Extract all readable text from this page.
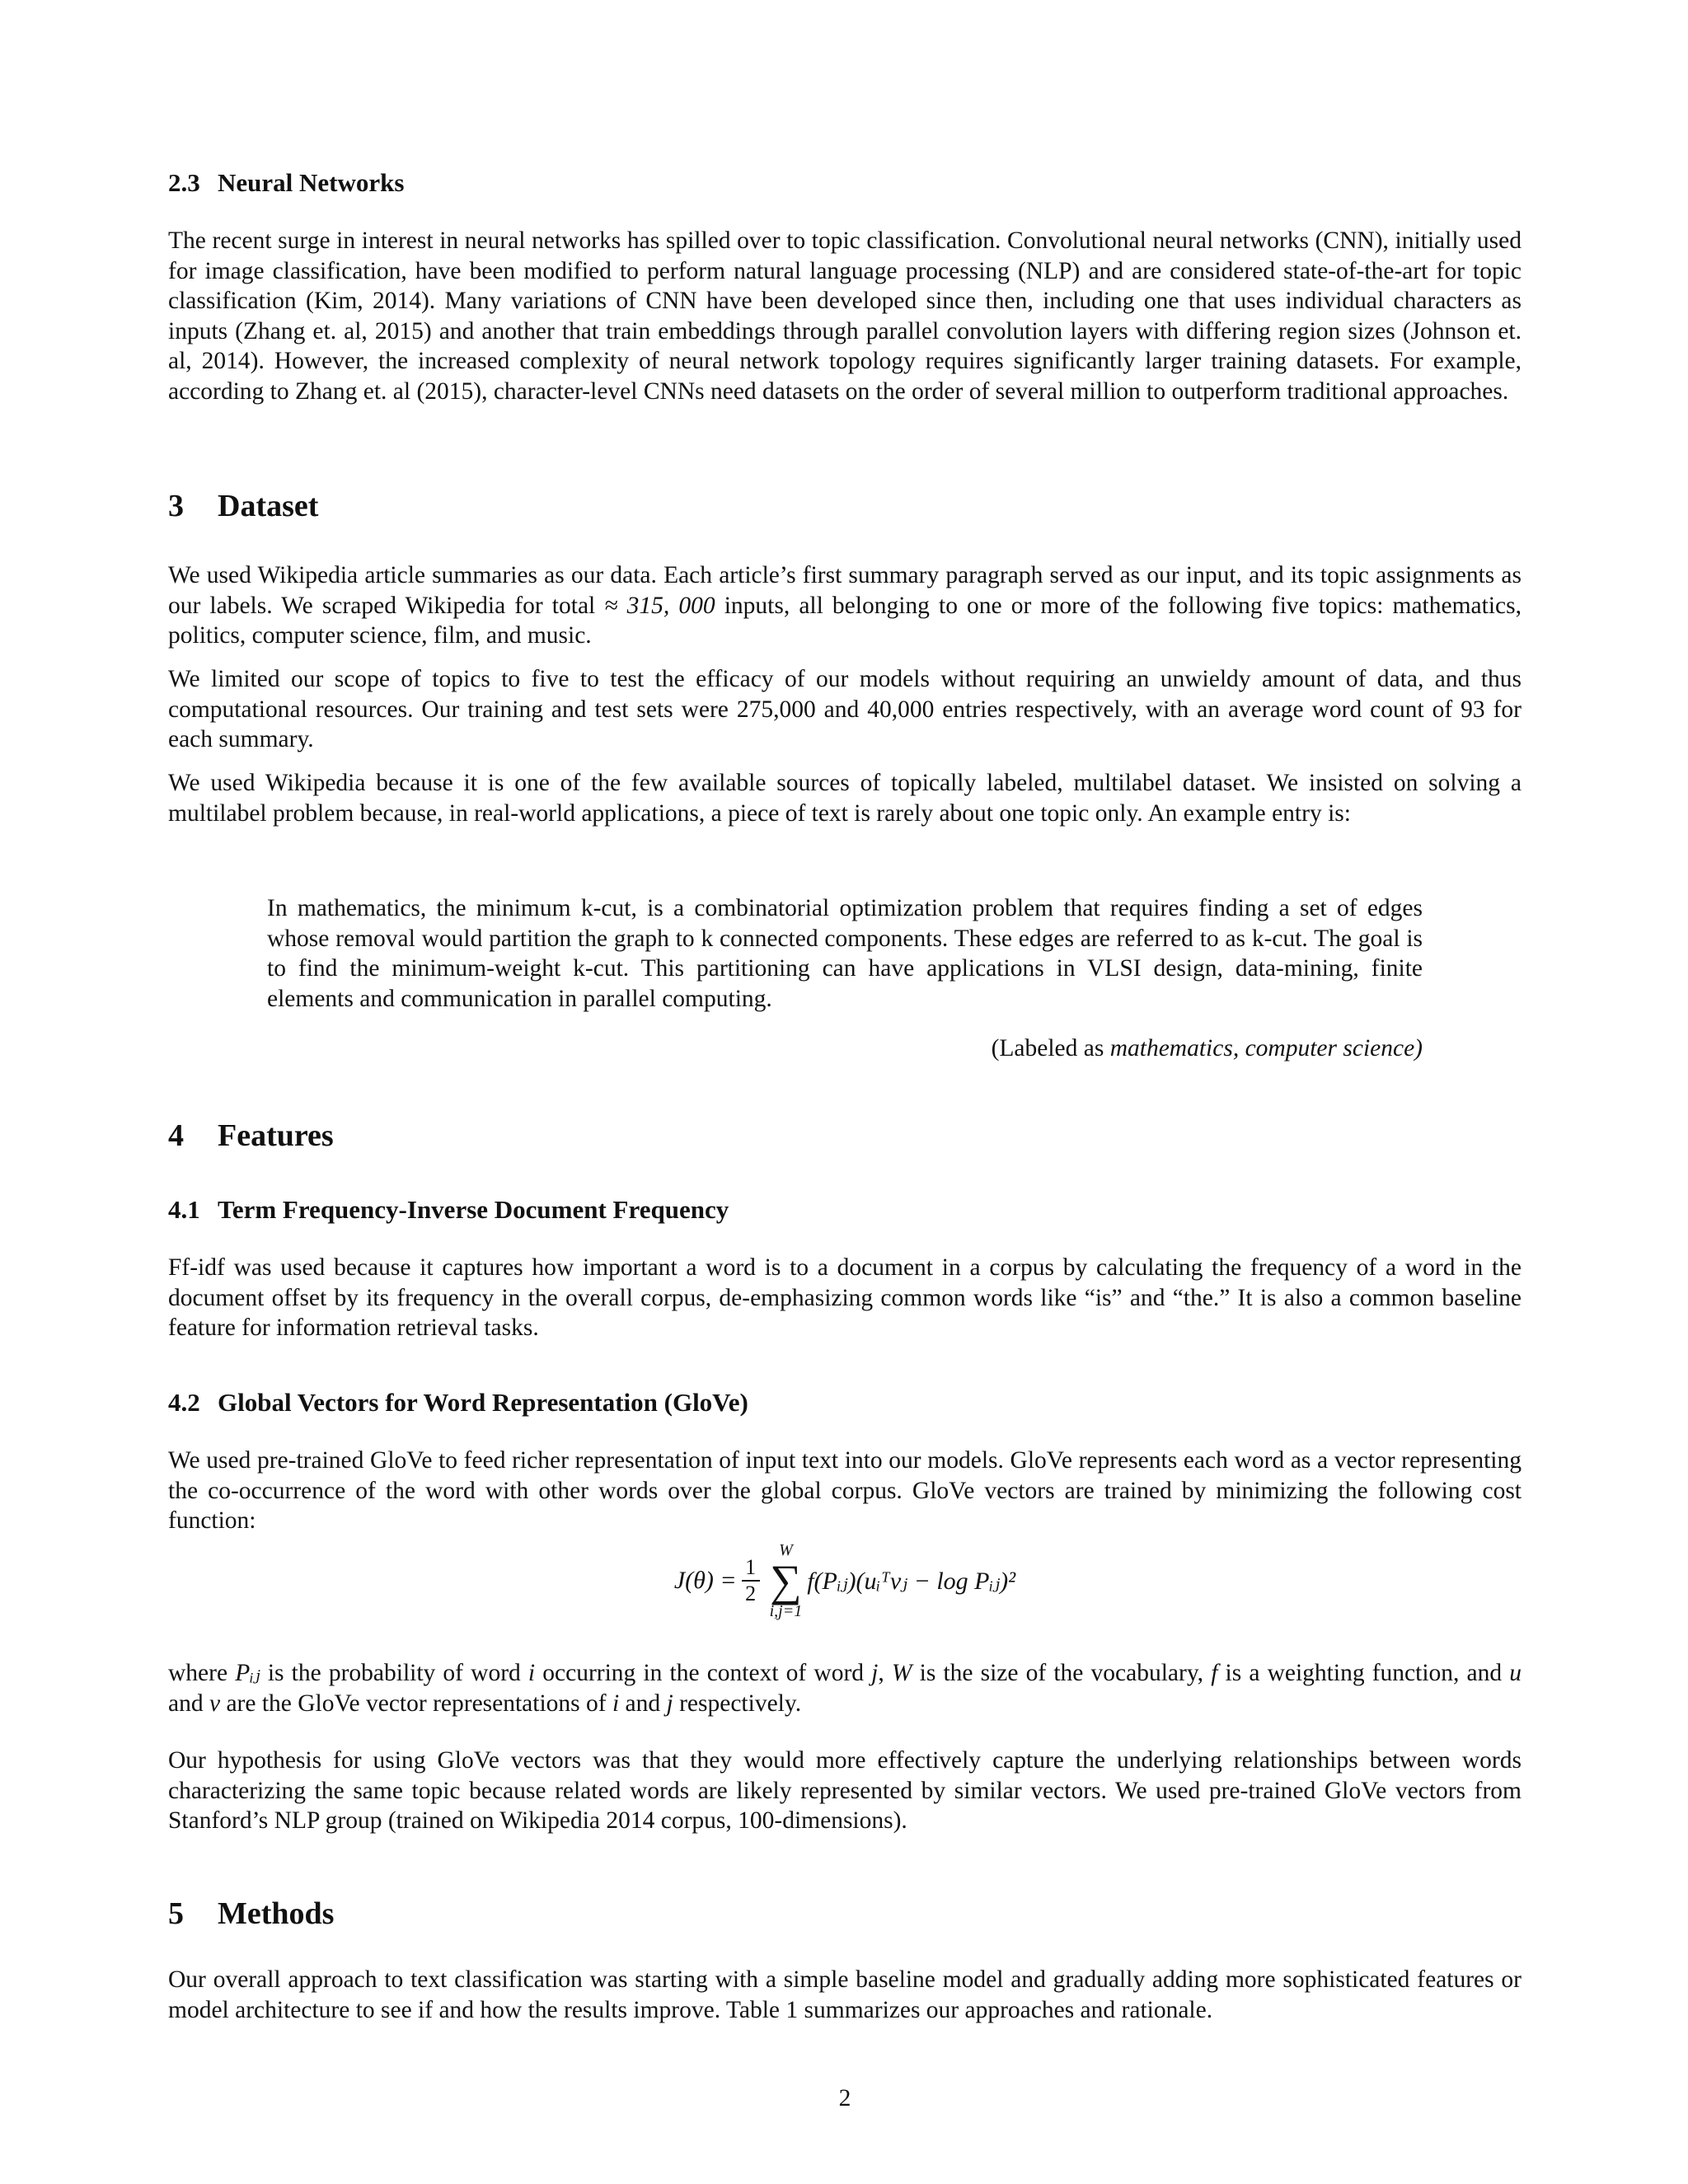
2.3 Neural Networks

The recent surge in interest in neural networks has spilled over to topic classification. Convolutional neural networks (CNN), initially used for image classification, have been modified to perform natural language processing (NLP) and are considered state-of-the-art for topic classification (Kim, 2014). Many variations of CNN have been developed since then, including one that uses individual characters as inputs (Zhang et. al, 2015) and another that train embeddings through parallel convolution layers with differing region sizes (Johnson et. al, 2014). However, the increased complexity of neural network topology requires significantly larger training datasets. For example, according to Zhang et. al (2015), character-level CNNs need datasets on the order of several million to outperform traditional approaches.

3 Dataset

We used Wikipedia article summaries as our data. Each article’s first summary paragraph served as our input, and its topic assignments as our labels. We scraped Wikipedia for total ≈ 315, 000 inputs, all belonging to one or more of the following five topics: mathematics, politics, computer science, film, and music.

We limited our scope of topics to five to test the efficacy of our models without requiring an unwieldy amount of data, and thus computational resources. Our training and test sets were 275,000 and 40,000 entries respectively, with an average word count of 93 for each summary.

We used Wikipedia because it is one of the few available sources of topically labeled, multilabel dataset. We insisted on solving a multilabel problem because, in real-world applications, a piece of text is rarely about one topic only. An example entry is:

In mathematics, the minimum k-cut, is a combinatorial optimization problem that requires finding a set of edges whose removal would partition the graph to k connected components. These edges are referred to as k-cut. The goal is to find the minimum-weight k-cut. This partitioning can have applications in VLSI design, data-mining, finite elements and communication in parallel computing.

(Labeled as mathematics, computer science)
4 Features
4.1 Term Frequency-Inverse Document Frequency

Ff-idf was used because it captures how important a word is to a document in a corpus by calculating the frequency of a word in the document offset by its frequency in the overall corpus, de-emphasizing common words like “is” and “the.” It is also a common baseline feature for information retrieval tasks.

4.2 Global Vectors for Word Representation (GloVe)

We used pre-trained GloVe to feed richer representation of input text into our models. GloVe represents each word as a vector representing the co-occurrence of the word with other words over the global corpus. GloVe vectors are trained by minimizing the following cost function:

$J(\theta) = \frac{1}{2}$
W
∑
i,j=1
f(Pᵢⱼ)(uᵢᵀvⱼ − log Pᵢⱼ)²

where Pᵢⱼ is the probability of word i occurring in the context of word j, W is the size of the vocabulary, f is a weighting function, and u and v are the GloVe vector representations of i and j respectively.

Our hypothesis for using GloVe vectors was that they would more effectively capture the underlying relationships between words characterizing the same topic because related words are likely represented by similar vectors. We used pre-trained GloVe vectors from Stanford’s NLP group (trained on Wikipedia 2014 corpus, 100-dimensions).

5 Methods

Our overall approach to text classification was starting with a simple baseline model and gradually adding more sophisticated features or model architecture to see if and how the results improve. Table 1 summarizes our approaches and rationale.

2
